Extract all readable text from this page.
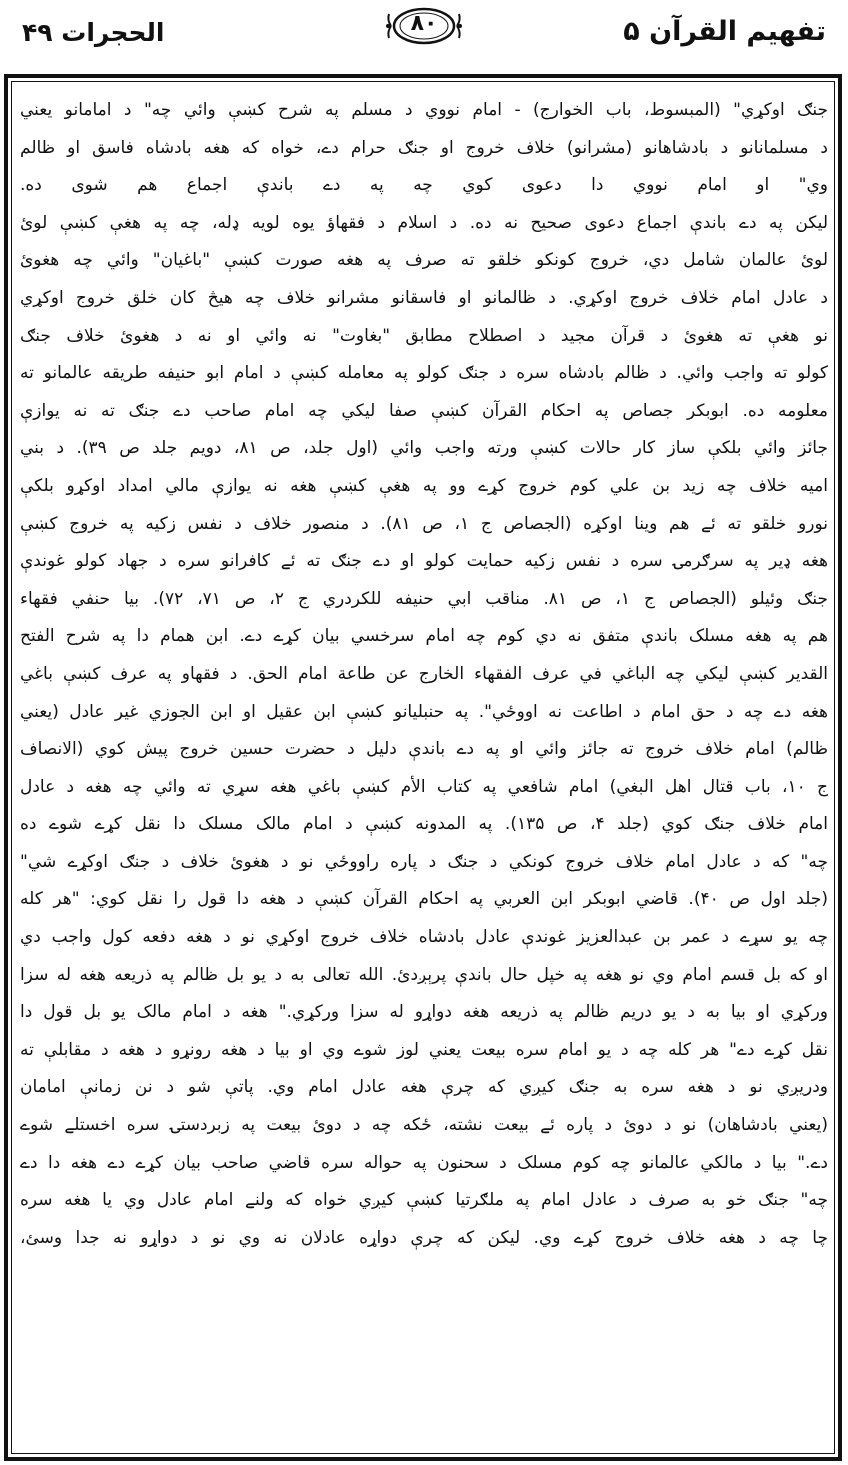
تفهیم القرآن ۵
۸۰
الحجرات ۴۹
جنګ اوکړي" (المبسوط، باب الخوارج) - امام نووي د مسلم په شرح کښې وائي چه" د امامانو یعني
د مسلمانانو د بادشاهانو (مشرانو) خلاف خروج او جنګ حرام دے، خواه که هغه بادشاه فاسق او ظالم
وي" او امام نووي دا دعوی کوي چه په دے باندې اجماع هم شوی ده.
لیکن په دے باندې اجماع دعوی صحیح نه ده. د اسلام د فقهاؤ یوه لویه ډله، چه په هغې کښې لوئ
لوئ عالمان شامل دي، خروج کونکو خلقو ته صرف په هغه صورت کښې "باغیان" وائي چه هغوئ
د عادل امام خلاف خروج اوکړي. د ظالمانو او فاسقانو مشرانو خلاف چه هیڅ کان خلق خروج اوکړي
نو هغې ته هغوئ د قرآن مجید د اصطلاح مطابق "بغاوت" نه وائي او نه د هغوئ خلاف جنګ
کولو ته واجب وائي. د ظالم بادشاه سره د جنګ کولو په معامله کښې د امام ابو حنیفه طریقه عالمانو ته
معلومه ده. ابوبکر جصاص په احکام القرآن کښې صفا لیکي چه امام صاحب دے جنګ ته نه یوازې
جائز وائي بلکې ساز کار حالات کښې ورته واجب وائي (اول جلد، ص ۸۱، دویم جلد ص ۳۹). د بني
امیه خلاف چه زید بن علي کوم خروج کړے وو په هغې کښې هغه نه یوازې مالي امداد اوکړو بلکې
نورو خلقو ته ئے هم وینا اوکړه (الجصاص ج ۱، ص ۸۱). د منصور خلاف د نفس زکیه په خروج کښې
هغه ډیر په سرګرمۍ سره د نفس زکیه حمایت کولو او دے جنګ ته ئے کافرانو سره د جهاد کولو غوندې
جنګ وئیلو (الجصاص ج ۱، ص ۸۱. مناقب ابي حنیفه للکردري ج ۲، ص ۷۱، ۷۲). بیا حنفي فقهاء
هم په هغه مسلک باندې متفق نه دي کوم چه امام سرخسي بیان کړے دے. ابن همام دا په شرح الفتح
القدیر کښې لیکي چه الباغي في عرف الفقهاء الخارج عن طاعة امام الحق. د فقهاو په عرف کښې باغي
هغه دے چه د حق امام د اطاعت نه اووځي". په حنبلیانو کښې ابن عقیل او ابن الجوزي غیر عادل (یعني
ظالم) امام خلاف خروج ته جائز وائي او په دے باندې دلیل د حضرت حسین خروج پیش کوي (الانصاف
ج ۱۰، باب قتال اهل البغي) امام شافعي په کتاب الأم کښې باغي هغه سړي ته وائي چه هغه د عادل
امام خلاف جنګ کوي (جلد ۴، ص ۱۳۵). په المدونه کښې د امام مالک مسلک دا نقل کړے شوے ده
چه" که د عادل امام خلاف خروج کونکي د جنګ د پاره راووځي نو د هغوئ خلاف د جنګ اوکړے شي"
(جلد اول ص ۴۰). قاضي ابوبکر ابن العربي په احکام القرآن کښې د هغه دا قول را نقل کوي: "هر کله
چه یو سړے د عمر بن عبدالعزیز غوندې عادل بادشاه خلاف خروج اوکړي نو د هغه دفعه کول واجب دي
او که بل قسم امام وي نو هغه په خپل حال باندې پرېږدئ. الله تعالی به د یو بل ظالم په ذریعه هغه له سزا
ورکړي او بیا به د یو دریم ظالم په ذریعه هغه دواړو له سزا ورکړي." هغه د امام مالک یو بل قول دا
نقل کړے دے" هر کله چه د یو امام سره بیعت یعني لوز شوے وي او بیا د هغه رونړو د هغه د مقابلې ته
ودریږي نو د هغه سره به جنګ کیږي که چرې هغه عادل امام وي. پاتې شو د نن زمانې امامان
(یعني بادشاهان) نو د دوئ د پاره ئے بیعت نشته، ځکه چه د دوئ بیعت په زبردستۍ سره اخستلے شوے
دے." بیا د مالکي عالمانو چه کوم مسلک د سحنون په حواله سره قاضي صاحب بیان کړے دے هغه دا دے
چه" جنګ خو به صرف د عادل امام په ملګرتیا کښې کیږي خواه که ولنے امام عادل وي یا هغه سره
چا چه د هغه خلاف خروج کړے وي. لیکن که چرې دواړه عادلان نه وي نو د دواړو نه جدا وسئ،
